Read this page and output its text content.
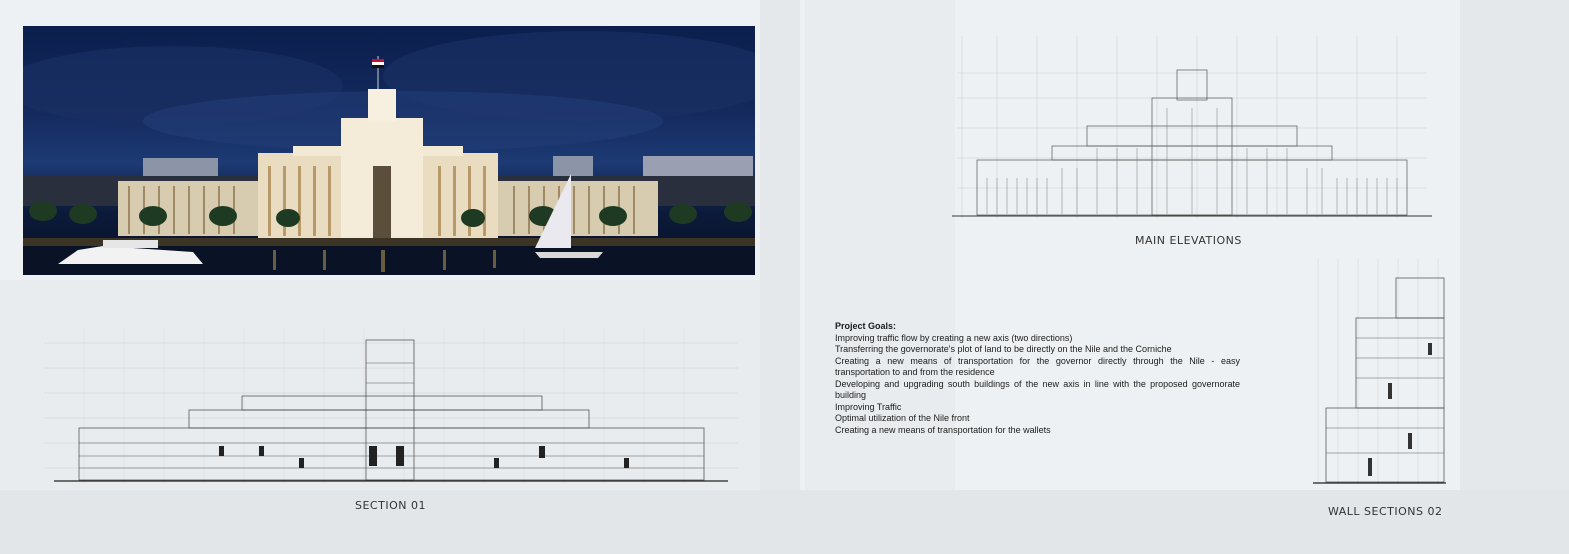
MAIN ELEVATIONS
SECTION 01	WALL SECTIONS 02
Project Goals:
Improving traffic flow by creating a new axis (two directions)
Transferring the governorate's plot of land to be directly on the Nile and the Corniche
Creating a new means of transportation for the governor directly through the Nile - easy transportation to and from the residence
Developing and upgrading south buildings of the new axis in line with the proposed governorate building
Improving Traffic
Optimal utilization of the Nile front
Creating a new means of transportation for the wallets
